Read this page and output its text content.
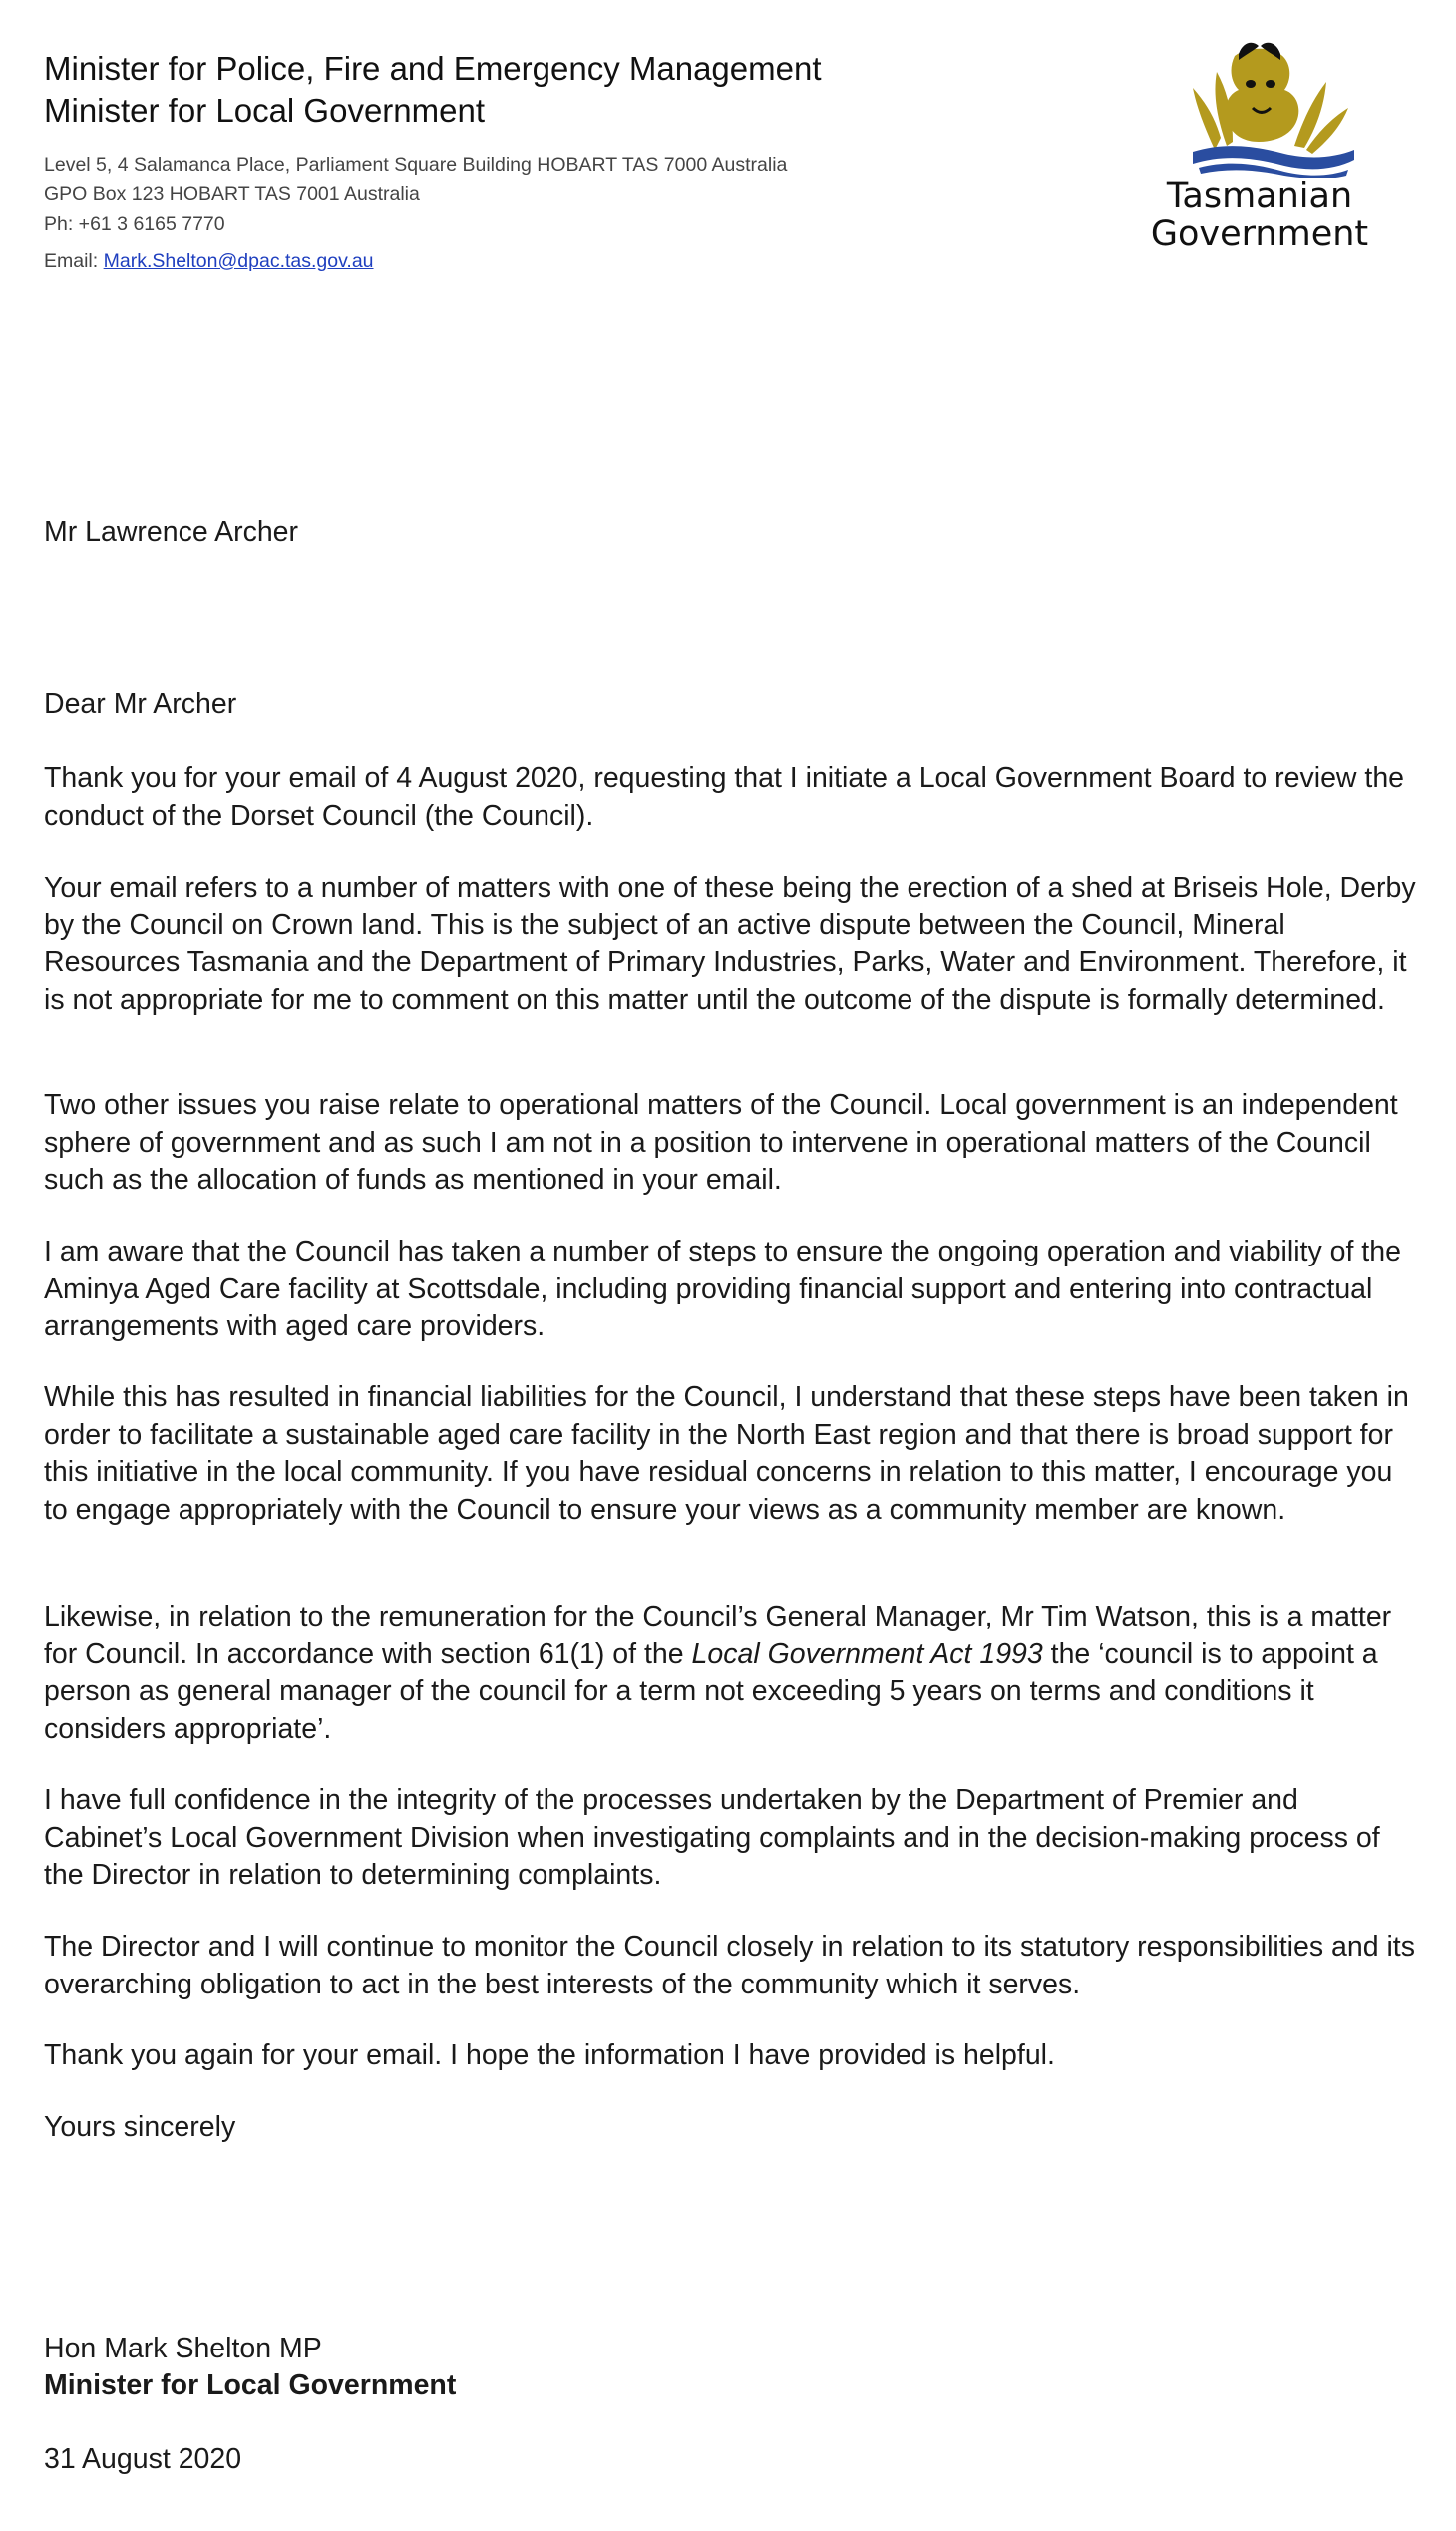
Minister for Police, Fire and Emergency Management

Minister for Local Government

Level 5, 4 Salamanca Place, Parliament Square Building HOBART TAS 7000 Australia
GPO Box 123 HOBART TAS 7001 Australia
Ph: +61 3 6165 7770
Email: Mark.Shelton@dpac.tas.gov.au
Tasmanian
Government

Mr Lawrence Archer

Dear Mr Archer

Thank you for your email of 4 August 2020, requesting that I initiate a Local Government Board to review the conduct of the Dorset Council (the Council).

Your email refers to a number of matters with one of these being the erection of a shed at Briseis Hole, Derby by the Council on Crown land. This is the subject of an active dispute between the Council, Mineral Resources Tasmania and the Department of Primary Industries, Parks, Water and Environment. Therefore, it is not appropriate for me to comment on this matter until the outcome of the dispute is formally determined.

Two other issues you raise relate to operational matters of the Council. Local government is an independent sphere of government and as such I am not in a position to intervene in operational matters of the Council such as the allocation of funds as mentioned in your email.

I am aware that the Council has taken a number of steps to ensure the ongoing operation and viability of the Aminya Aged Care facility at Scottsdale, including providing financial support and entering into contractual arrangements with aged care providers.

While this has resulted in financial liabilities for the Council, I understand that these steps have been taken in order to facilitate a sustainable aged care facility in the North East region and that there is broad support for this initiative in the local community. If you have residual concerns in relation to this matter, I encourage you to engage appropriately with the Council to ensure your views as a community member are known.

Likewise, in relation to the remuneration for the Council’s General Manager, Mr Tim Watson, this is a matter for Council. In accordance with section 61(1) of the Local Government Act 1993 the ‘council is to appoint a person as general manager of the council for a term not exceeding 5 years on terms and conditions it considers appropriate’.

I have full confidence in the integrity of the processes undertaken by the Department of Premier and Cabinet’s Local Government Division when investigating complaints and in the decision-making process of the Director in relation to determining complaints.

The Director and I will continue to monitor the Council closely in relation to its statutory responsibilities and its overarching obligation to act in the best interests of the community which it serves.

Thank you again for your email. I hope the information I have provided is helpful.

Yours sincerely

Hon Mark Shelton MP

Minister for Local Government

31 August 2020
